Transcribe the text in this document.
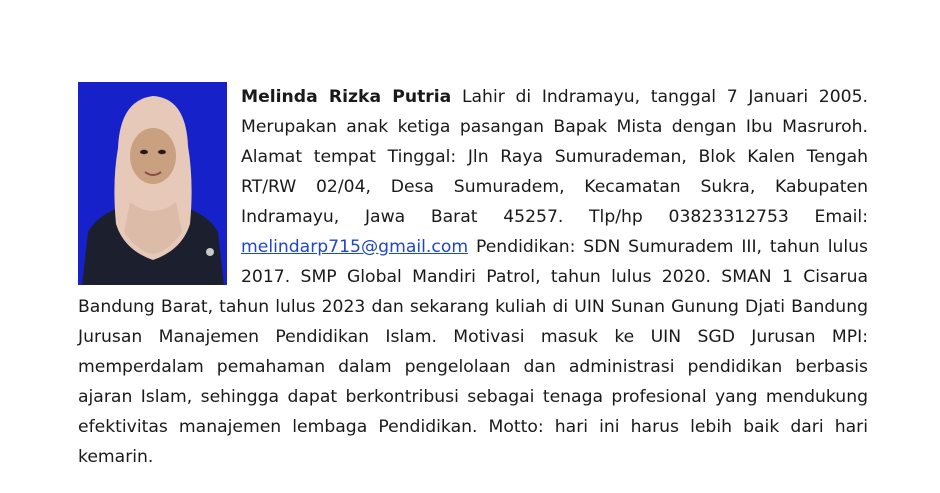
Melinda Rizka Putria Lahir di Indramayu, tanggal 7 Januari 2005. Merupakan anak ketiga pasangan Bapak Mista dengan Ibu Masruroh. Alamat tempat Tinggal: Jln Raya Sumurademan, Blok Kalen Tengah RT/RW 02/04, Desa Sumuradem, Kecamatan Sukra, Kabupaten Indramayu, Jawa Barat 45257. Tlp/hp 03823312753 Email: melindarp715@gmail.com Pendidikan: SDN Sumuradem III, tahun lulus 2017. SMP Global Mandiri Patrol, tahun lulus 2020. SMAN 1 Cisarua Bandung Barat, tahun lulus 2023 dan sekarang kuliah di UIN Sunan Gunung Djati Bandung Jurusan Manajemen Pendidikan Islam. Motivasi masuk ke UIN SGD Jurusan MPI: memperdalam pemahaman dalam pengelolaan dan administrasi pendidikan berbasis ajaran Islam, sehingga dapat berkontribusi sebagai tenaga profesional yang mendukung efektivitas manajemen lembaga Pendidikan. Motto: hari ini harus lebih baik dari hari kemarin.
